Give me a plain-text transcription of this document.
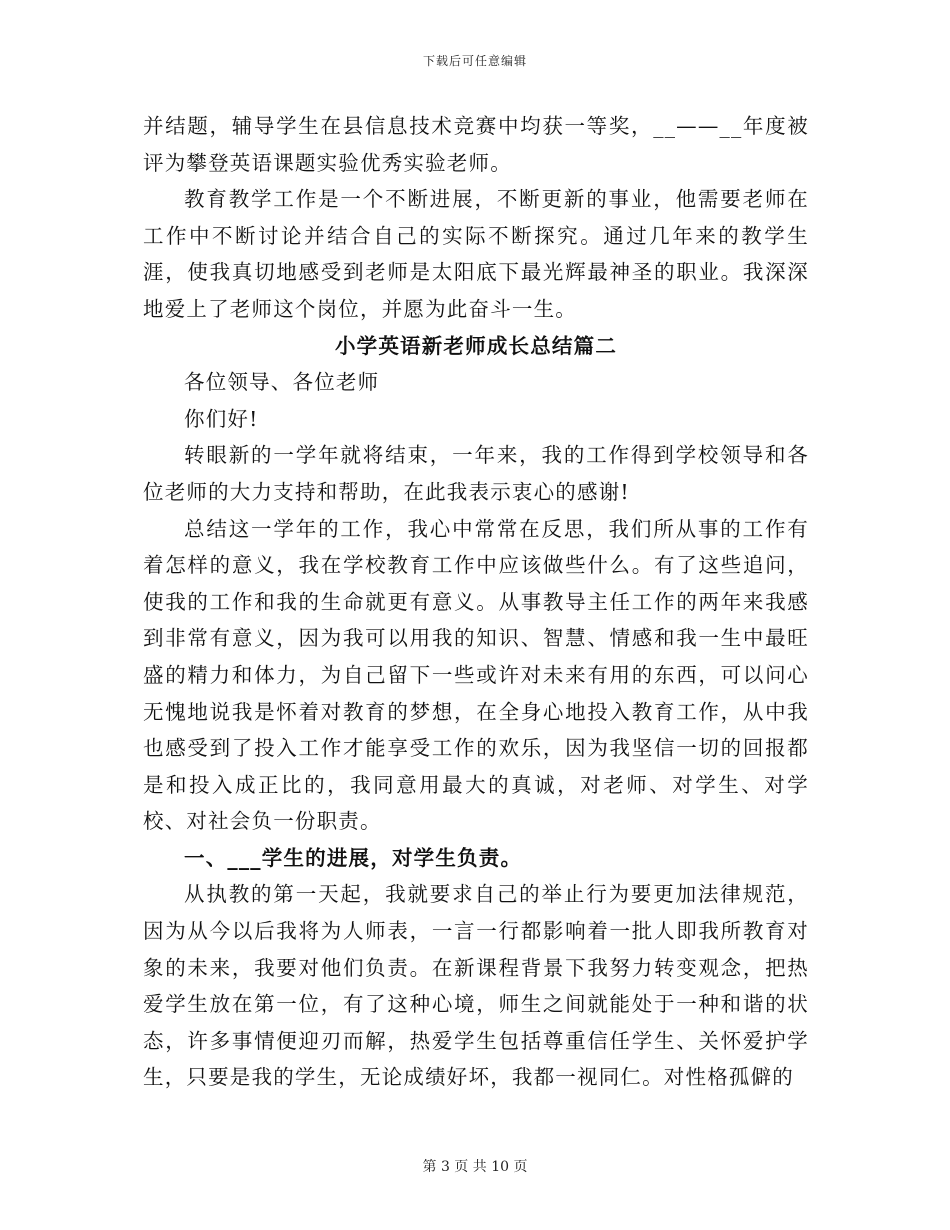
下载后可任意编辑

并结题，辅导学生在县信息技术竞赛中均获一等奖，__——__年度被评为攀登英语课题实验优秀实验老师。

教育教学工作是一个不断进展，不断更新的事业，他需要老师在工作中不断讨论并结合自己的实际不断探究。通过几年来的教学生涯，使我真切地感受到老师是太阳底下最光辉最神圣的职业。我深深地爱上了老师这个岗位，并愿为此奋斗一生。

小学英语新老师成长总结篇二

各位领导、各位老师

你们好!

转眼新的一学年就将结束，一年来，我的工作得到学校领导和各位老师的大力支持和帮助，在此我表示衷心的感谢!

总结这一学年的工作，我心中常常在反思，我们所从事的工作有着怎样的意义，我在学校教育工作中应该做些什么。有了这些追问，使我的工作和我的生命就更有意义。从事教导主任工作的两年来我感到非常有意义，因为我可以用我的知识、智慧、情感和我一生中最旺盛的精力和体力，为自己留下一些或许对未来有用的东西，可以问心无愧地说我是怀着对教育的梦想，在全身心地投入教育工作，从中我也感受到了投入工作才能享受工作的欢乐，因为我坚信一切的回报都是和投入成正比的，我同意用最大的真诚，对老师、对学生、对学校、对社会负一份职责。

一、___学生的进展，对学生负责。

从执教的第一天起，我就要求自己的举止行为要更加法律规范，因为从今以后我将为人师表，一言一行都影响着一批人即我所教育对象的未来，我要对他们负责。在新课程背景下我努力转变观念，把热爱学生放在第一位，有了这种心境，师生之间就能处于一种和谐的状态，许多事情便迎刃而解，热爱学生包括尊重信任学生、关怀爱护学生，只要是我的学生，无论成绩好坏，我都一视同仁。对性格孤僻的

第 3 页 共 10 页
